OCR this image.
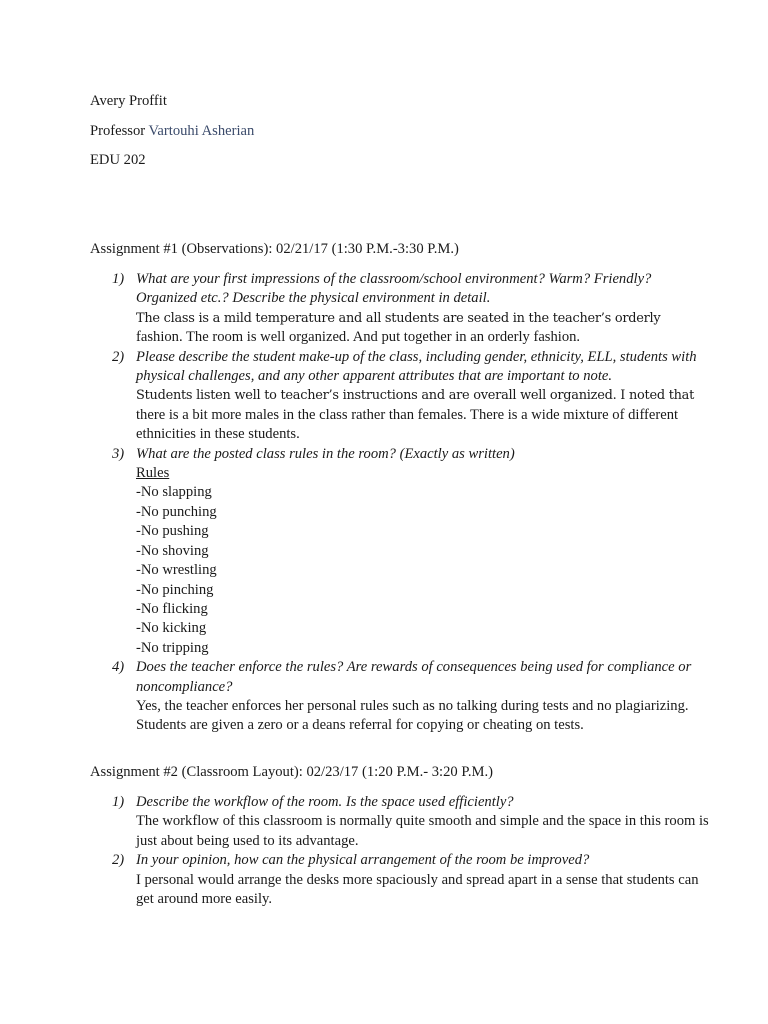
Avery Proffit

Professor Vartouhi Asherian

EDU 202

Assignment #1 (Observations): 02/21/17 (1:30 P.M.-3:30 P.M.)

1) What are your first impressions of the classroom/school environment? Warm? Friendly? Organized etc.? Describe the physical environment in detail.
The class is a mild temperature and all students are seated in the teacher’s orderly
fashion. The room is well organized. And put together in an orderly fashion.
2) Please describe the student make-up of the class, including gender, ethnicity, ELL, students with physical challenges, and any other apparent attributes that are important to note.
Students listen well to teacher’s instructions and are overall well organized. I noted that
there is a bit more males in the class rather than females. There is a wide mixture of different ethnicities in these students.
3) What are the posted class rules in the room? (Exactly as written)
Rules
-No slapping
-No punching
-No pushing
-No shoving
-No wrestling
-No pinching
-No flicking
-No kicking
-No tripping
4) Does the teacher enforce the rules? Are rewards of consequences being used for compliance or noncompliance?
Yes, the teacher enforces her personal rules such as no talking during tests and no plagiarizing. Students are given a zero or a deans referral for copying or cheating on tests.

Assignment #2 (Classroom Layout): 02/23/17 (1:20 P.M.- 3:20 P.M.)

1) Describe the workflow of the room. Is the space used efficiently?
The workflow of this classroom is normally quite smooth and simple and the space in this room is just about being used to its advantage.
2) In your opinion, how can the physical arrangement of the room be improved?
I personal would arrange the desks more spaciously and spread apart in a sense that students can get around more easily.
